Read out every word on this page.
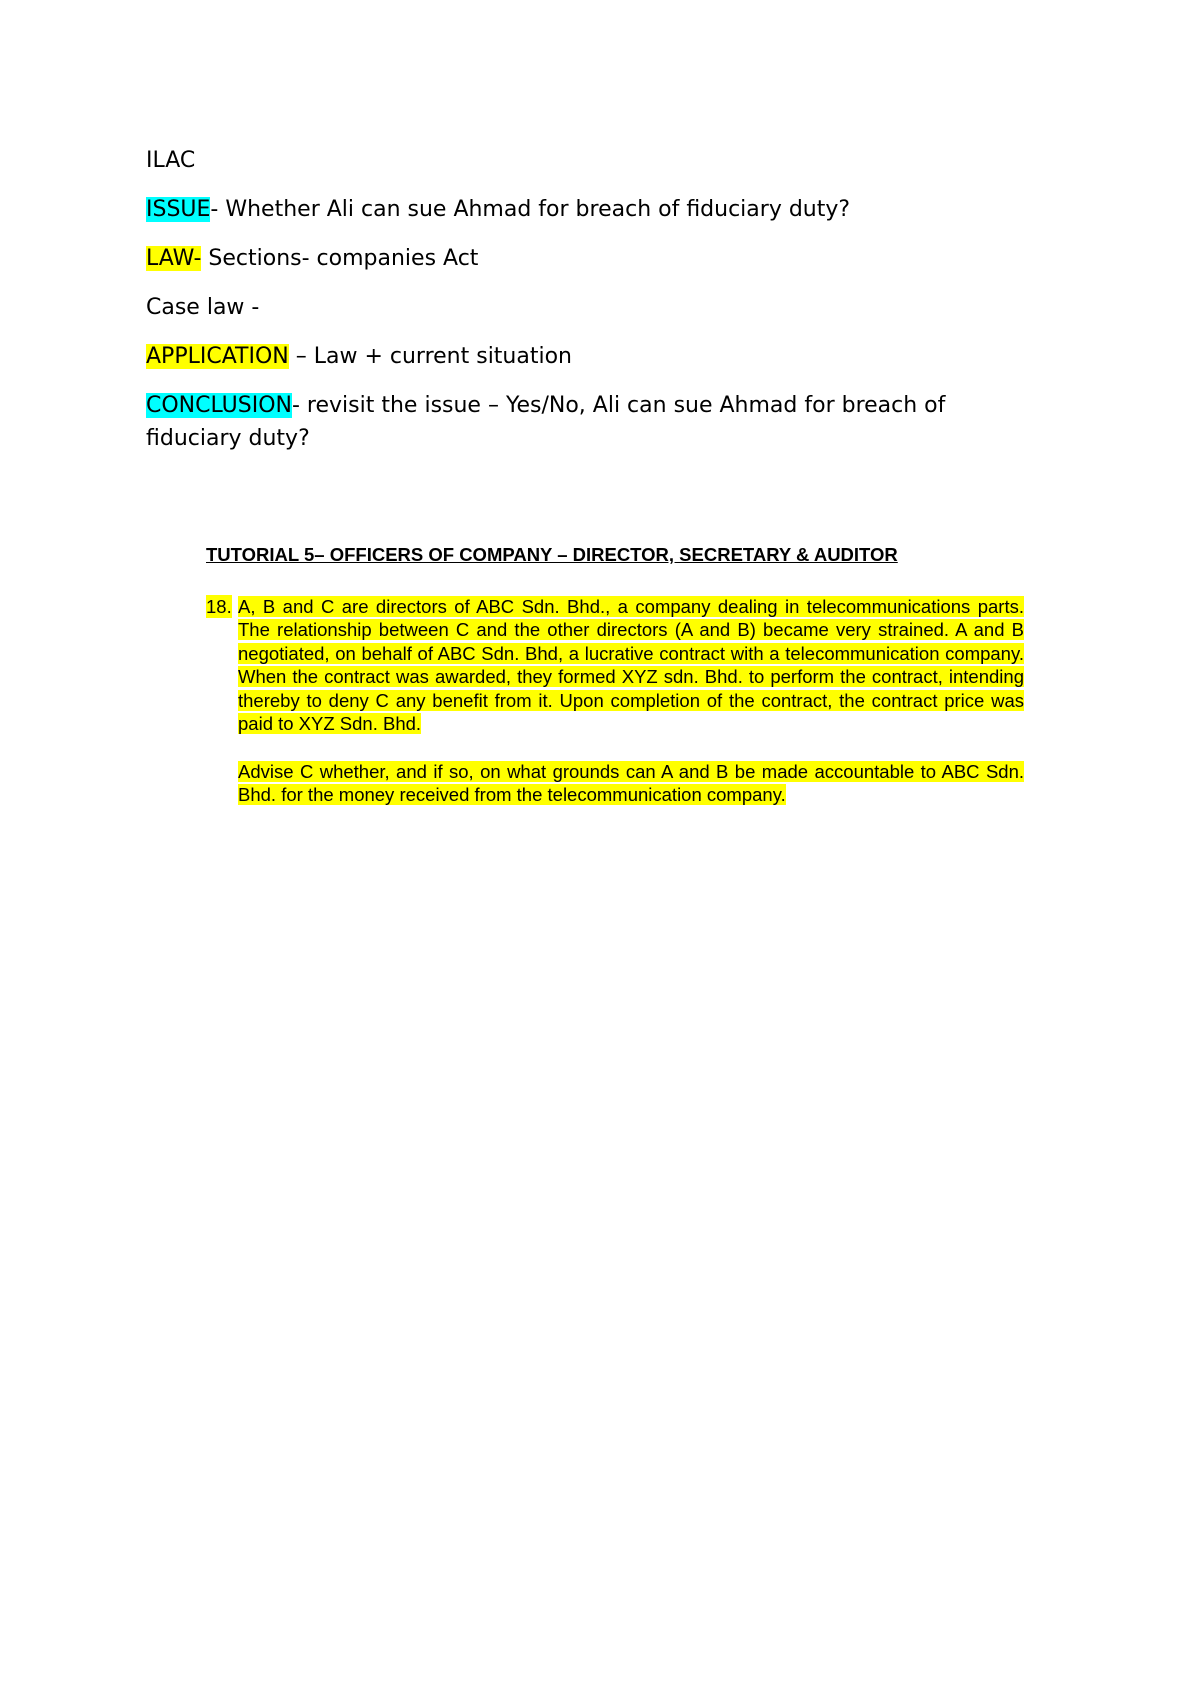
ILAC

ISSUE- Whether Ali can sue Ahmad for breach of fiduciary duty?

LAW- Sections- companies Act

Case law -

APPLICATION – Law + current situation

CONCLUSION- revisit the issue – Yes/No, Ali can sue Ahmad for breach of fiduciary duty?

TUTORIAL 5– OFFICERS OF COMPANY – DIRECTOR, SECRETARY & AUDITOR
18. A, B and C are directors of ABC Sdn. Bhd., a company dealing in telecommunications parts. The relationship between C and the other directors (A and B) became very strained. A and B negotiated, on behalf of ABC Sdn. Bhd, a lucrative contract with a telecommunication company. When the contract was awarded, they formed XYZ sdn. Bhd. to perform the contract, intending thereby to deny C any benefit from it. Upon completion of the contract, the contract price was paid to XYZ Sdn. Bhd.

Advise C whether, and if so, on what grounds can A and B be made accountable to ABC Sdn. Bhd. for the money received from the telecommunication company.
